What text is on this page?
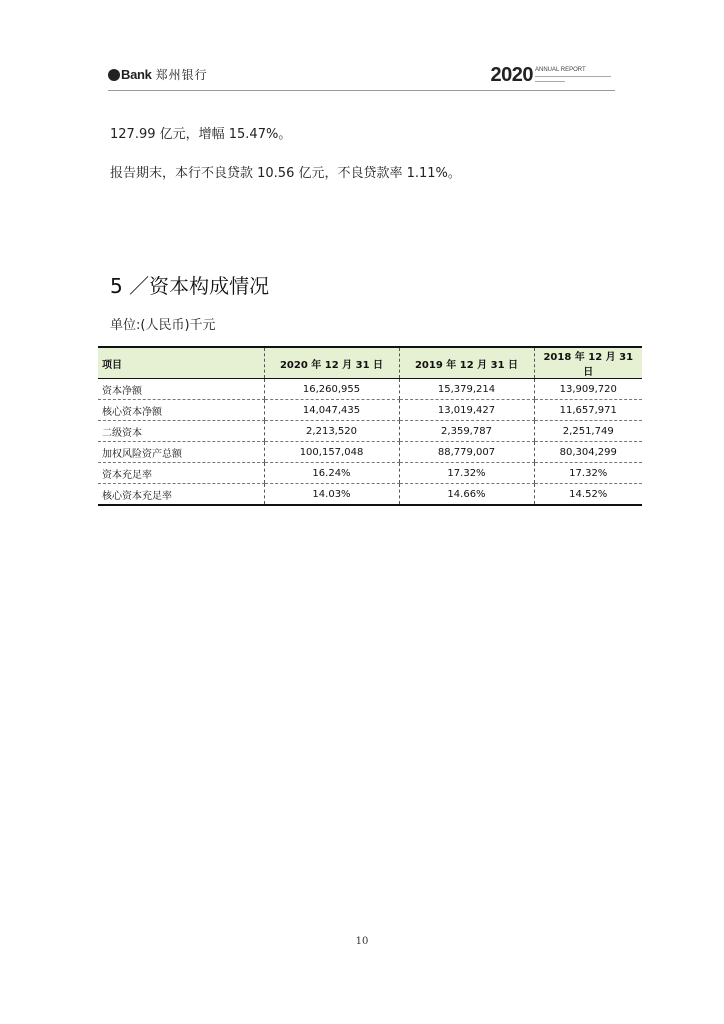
Bank 郑州银行	2020 ANNUAL REPORT
127.99 亿元，增幅 15.47%。
报告期末，本行不良贷款 10.56 亿元，不良贷款率 1.11%。
5 ／资本构成情况
单位:(人民币)千元
项目	2020 年 12 月 31 日	2019 年 12 月 31 日	2018 年 12 月 31 日
资本净额	16,260,955	15,379,214	13,909,720
核心资本净额	14,047,435	13,019,427	11,657,971
二级资本	2,213,520	2,359,787	2,251,749
加权风险资产总额	100,157,048	88,779,007	80,304,299
资本充足率	16.24%	17.32%	17.32%
核心资本充足率	14.03%	14.66%	14.52%
10
